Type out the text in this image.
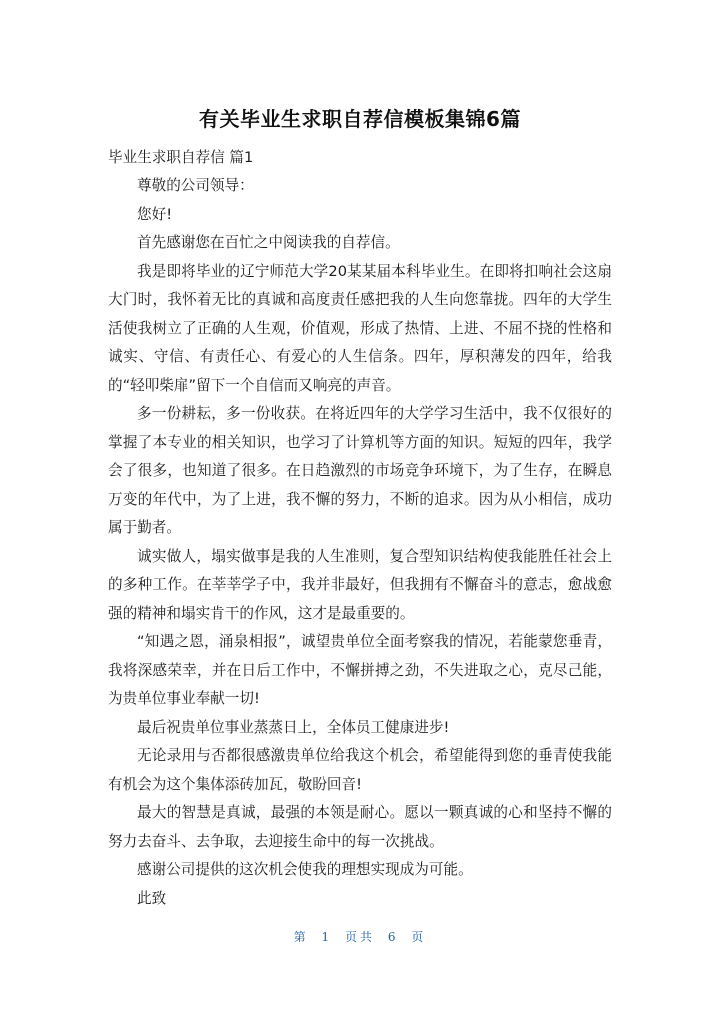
有关毕业生求职自荐信模板集锦6篇

毕业生求职自荐信 篇1

尊敬的公司领导：

您好!

首先感谢您在百忙之中阅读我的自荐信。

我是即将毕业的辽宁师范大学20某某届本科毕业生。在即将扣响社会这扇大门时，我怀着无比的真诚和高度责任感把我的人生向您靠拢。四年的大学生活使我树立了正确的人生观，价值观，形成了热情、上进、不屈不挠的性格和诚实、守信、有责任心、有爱心的人生信条。四年，厚积薄发的四年，给我的“轻叩柴扉”留下一个自信而又响亮的声音。

多一份耕耘，多一份收获。在将近四年的大学学习生活中，我不仅很好的掌握了本专业的相关知识，也学习了计算机等方面的知识。短短的四年，我学会了很多，也知道了很多。在日趋激烈的市场竞争环境下，为了生存，在瞬息万变的年代中，为了上进，我不懈的努力，不断的追求。因为从小相信，成功属于勤者。

诚实做人，塌实做事是我的人生准则，复合型知识结构使我能胜任社会上的多种工作。在莘莘学子中，我并非最好，但我拥有不懈奋斗的意志，愈战愈强的精神和塌实肯干的作风，这才是最重要的。

“知遇之恩，涌泉相报”，诚望贵单位全面考察我的情况，若能蒙您垂青，我将深感荣幸，并在日后工作中，不懈拼搏之劲，不失进取之心，克尽己能，为贵单位事业奉献一切!

最后祝贵单位事业蒸蒸日上，全体员工健康进步!

无论录用与否都很感激贵单位给我这个机会，希望能得到您的垂青使我能有机会为这个集体添砖加瓦，敬盼回音!

最大的智慧是真诚，最强的本领是耐心。愿以一颗真诚的心和坚持不懈的努力去奋斗、去争取，去迎接生命中的每一次挑战。

感谢公司提供的这次机会使我的理想实现成为可能。

此致

第 1 页共 6 页
